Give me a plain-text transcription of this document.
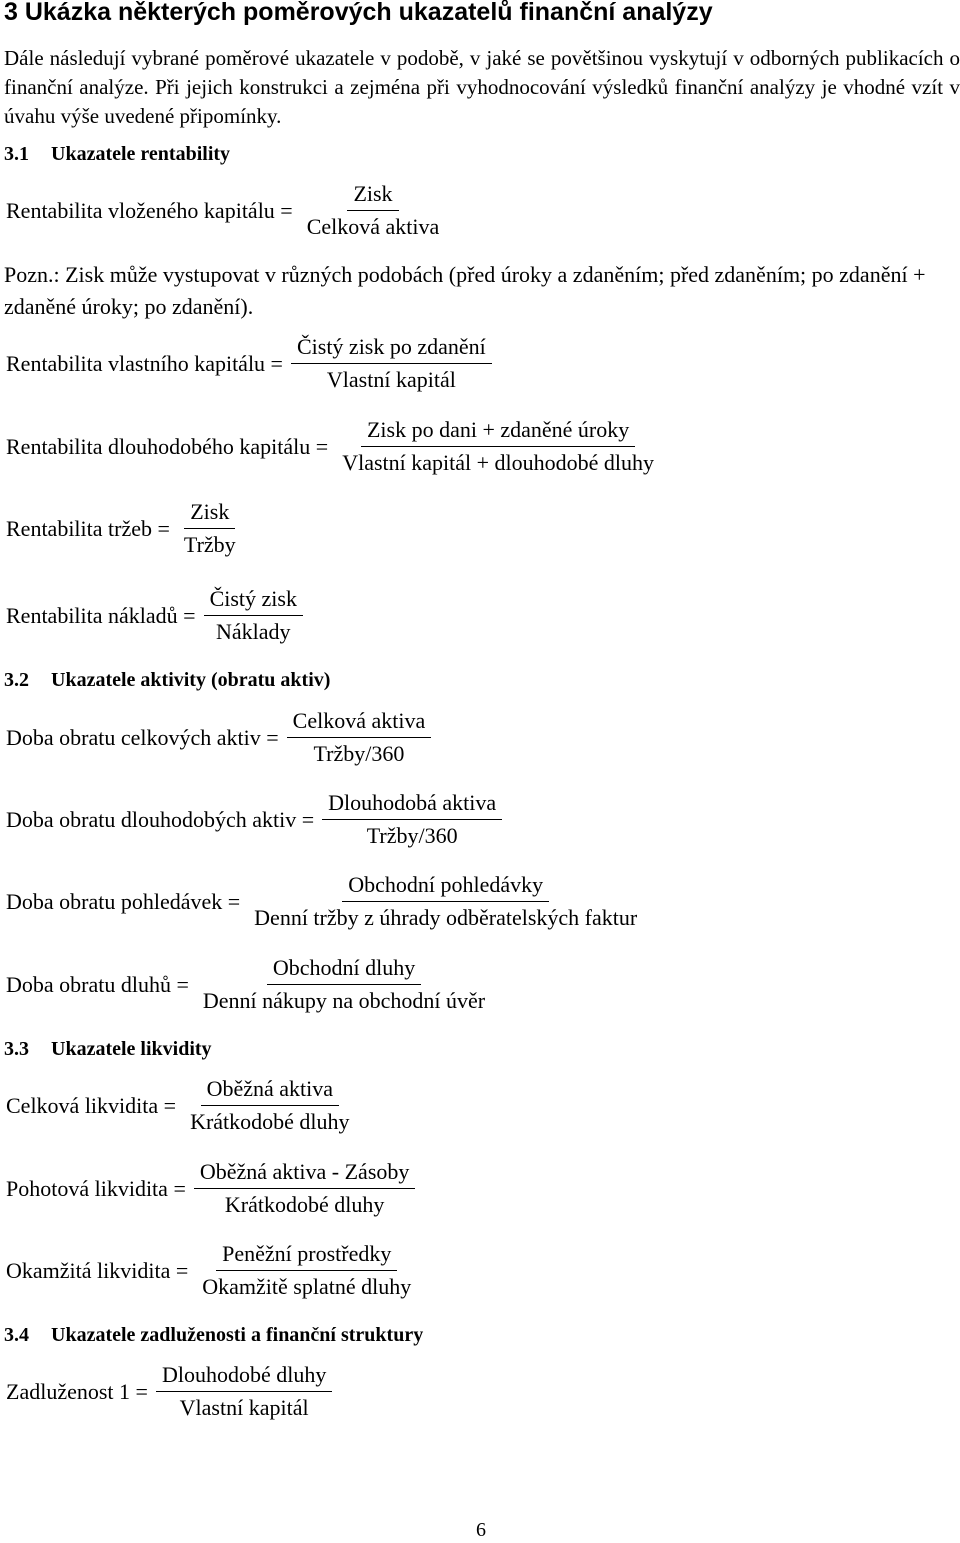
3 Ukázka některých poměrových ukazatelů finanční analýzy

Dále následují vybrané poměrové ukazatele v podobě, v jaké se povětšinou vyskytují v odborných publikacích o finanční analýze. Při jejich konstrukci a zejména při vyhodnocování výsledků finanční analýzy je vhodné vzít v úvahu výše uvedené připomínky.

3.1 Ukazatele rentability
Rentabilita vloženého kapitálu = $\frac{\text{Zisk}}{\text{Celková aktiva}}$

Pozn.: Zisk může vystupovat v různých podobách (před úroky a zdaněním; před zdaněním; po zdanění + zdaněné úroky; po zdanění).

Rentabilita vlastního kapitálu = $\frac{\text{Čistý zisk po zdanění}}{\text{Vlastní kapitál}}$
Rentabilita dlouhodobého kapitálu = $\frac{\text{Zisk po dani + zdaněné úroky}}{\text{Vlastní kapitál + dlouhodobé dluhy}}$
Rentabilita tržeb = $\frac{\text{Zisk}}{\text{Tržby}}$
Rentabilita nákladů = $\frac{\text{Čistý zisk}}{\text{Náklady}}$
3.2 Ukazatele aktivity (obratu aktiv)
Doba obratu celkových aktiv = $\frac{\text{Celková aktiva}}{\text{Tržby/360}}$
Doba obratu dlouhodobých aktiv = $\frac{\text{Dlouhodobá aktiva}}{\text{Tržby/360}}$
Doba obratu pohledávek = $\frac{\text{Obchodní pohledávky}}{\text{Denní tržby z úhrady odběratelských faktur}}$
Doba obratu dluhů = $\frac{\text{Obchodní dluhy}}{\text{Denní nákupy na obchodní úvěr}}$
3.3 Ukazatele likvidity
Celková likvidita = $\frac{\text{Oběžná aktiva}}{\text{Krátkodobé dluhy}}$
Pohotová likvidita = $\frac{\text{Oběžná aktiva - Zásoby}}{\text{Krátkodobé dluhy}}$
Okamžitá likvidita = $\frac{\text{Peněžní prostředky}}{\text{Okamžitě splatné dluhy}}$
3.4 Ukazatele zadluženosti a finanční struktury
Zadluženost $1 = \frac{\text{Dlouhodobé dluhy}}{\text{Vlastní kapitál}}$
6
